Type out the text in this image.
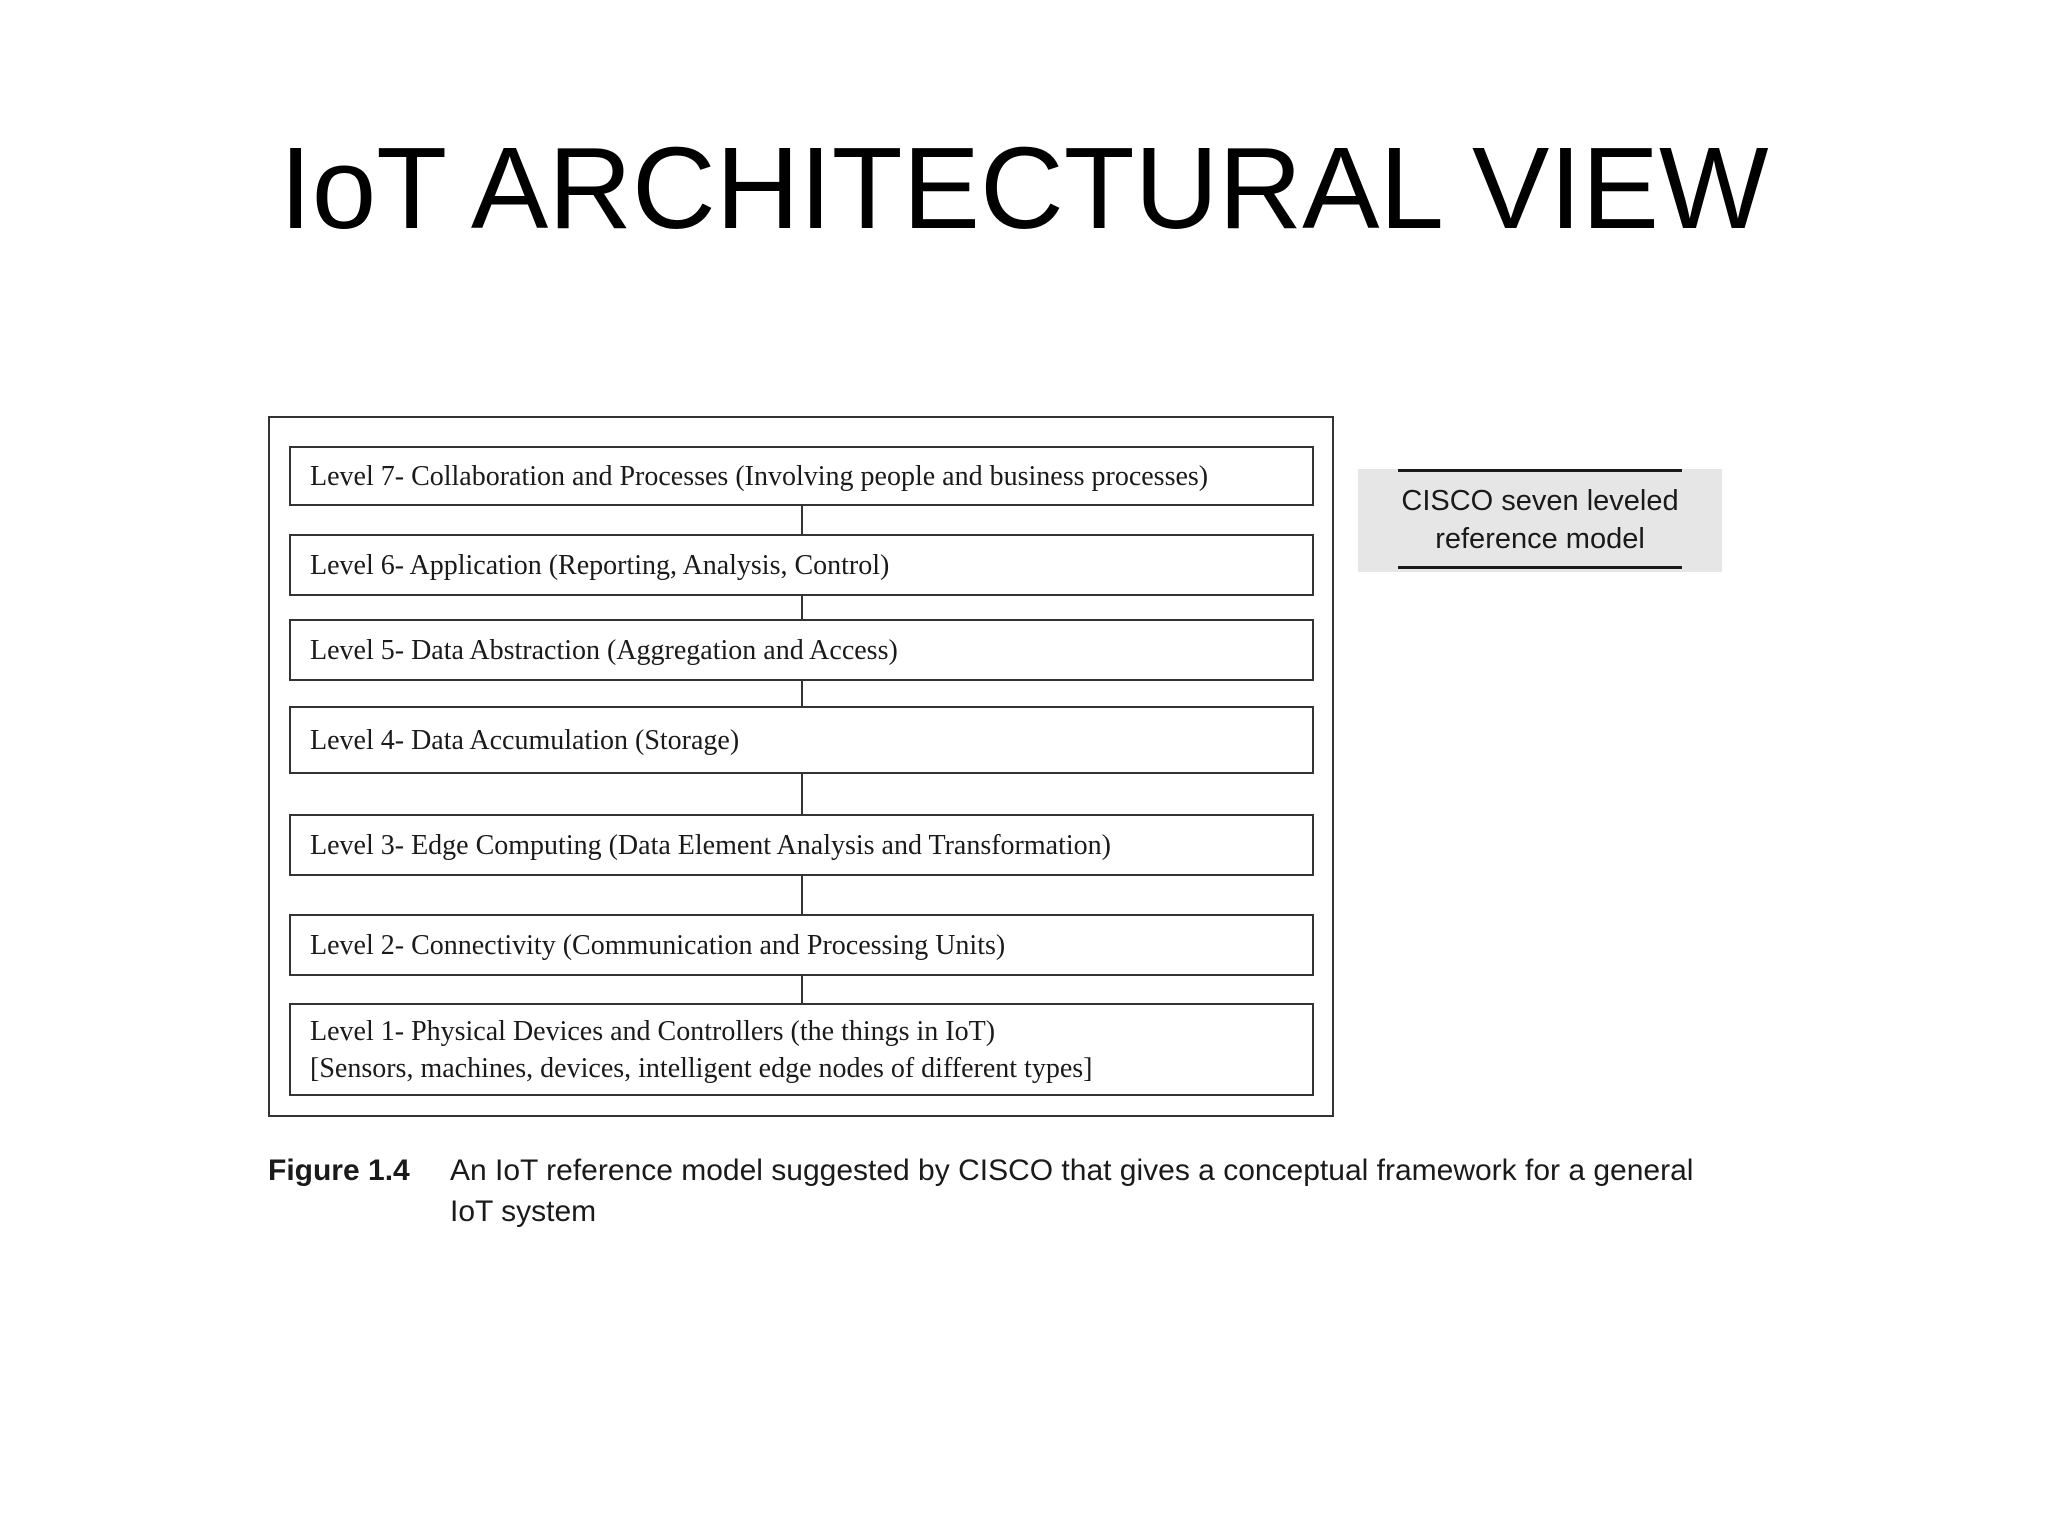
IoT ARCHITECTURAL VIEW
Level 7- Collaboration and Processes (Involving people and business processes)
Level 6- Application (Reporting, Analysis, Control)
Level 5- Data Abstraction (Aggregation and Access)
Level 4- Data Accumulation (Storage)
Level 3- Edge Computing (Data Element Analysis and Transformation)
Level 2- Connectivity (Communication and Processing Units)
Level 1- Physical Devices and Controllers (the things in IoT)
[Sensors, machines, devices, intelligent edge nodes of different types]
CISCO seven leveled
reference model
Figure 1.4 An IoT reference model suggested by CISCO that gives a conceptual framework for a general IoT system
